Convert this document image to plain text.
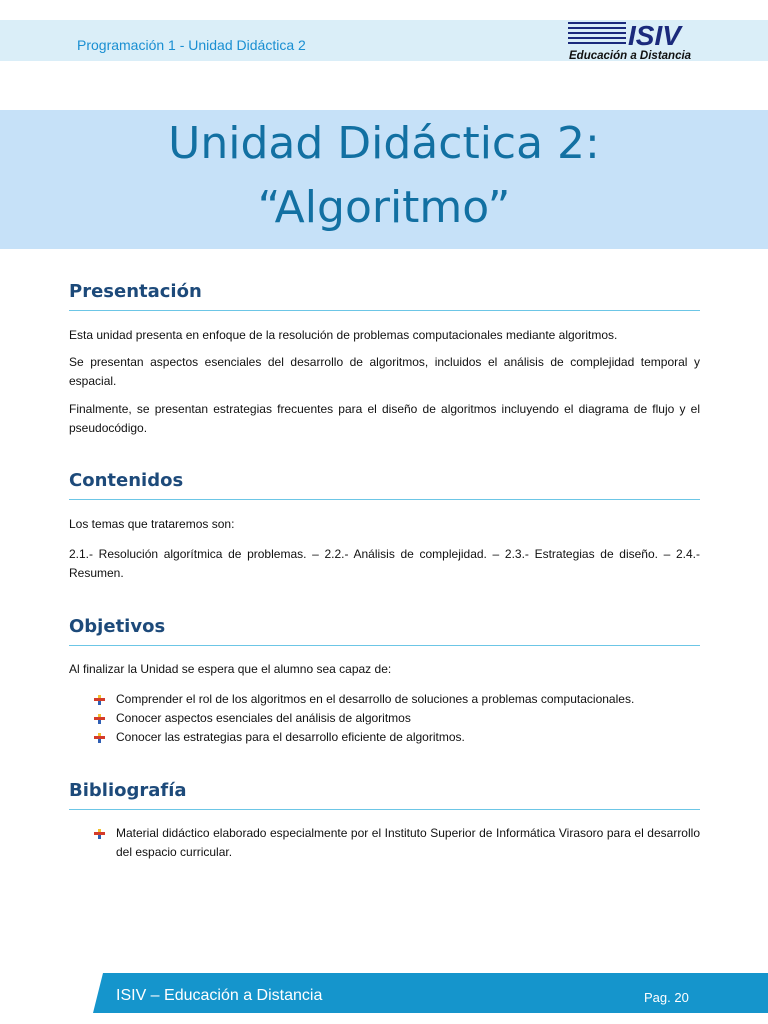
Programación 1 - Unidad Didáctica 2	ISIV
Educación a Distancia
Unidad Didáctica 2:
“Algoritmo”
Presentación
Esta unidad presenta en enfoque de la resolución de problemas computacionales mediante algoritmos.
Se presentan aspectos esenciales del desarrollo de algoritmos, incluidos el análisis de complejidad temporal y espacial.
Finalmente, se presentan estrategias frecuentes para el diseño de algoritmos incluyendo el diagrama de flujo y el pseudocódigo.
Contenidos
Los temas que trataremos son:
2.1.- Resolución algorítmica de problemas. – 2.2.- Análisis de complejidad. – 2.3.- Estrategias de diseño. – 2.4.- Resumen.
Objetivos
Al finalizar la Unidad se espera que el alumno sea capaz de:
Comprender el rol de los algoritmos en el desarrollo de soluciones a problemas computacionales.
Conocer aspectos esenciales del análisis de algoritmos
Conocer las estrategias para el desarrollo eficiente de algoritmos.
Bibliografía
Material didáctico elaborado especialmente por el Instituto Superior de Informática Virasoro para el desarrollo del espacio curricular.
ISIV – Educación a Distancia	Pag. 20
